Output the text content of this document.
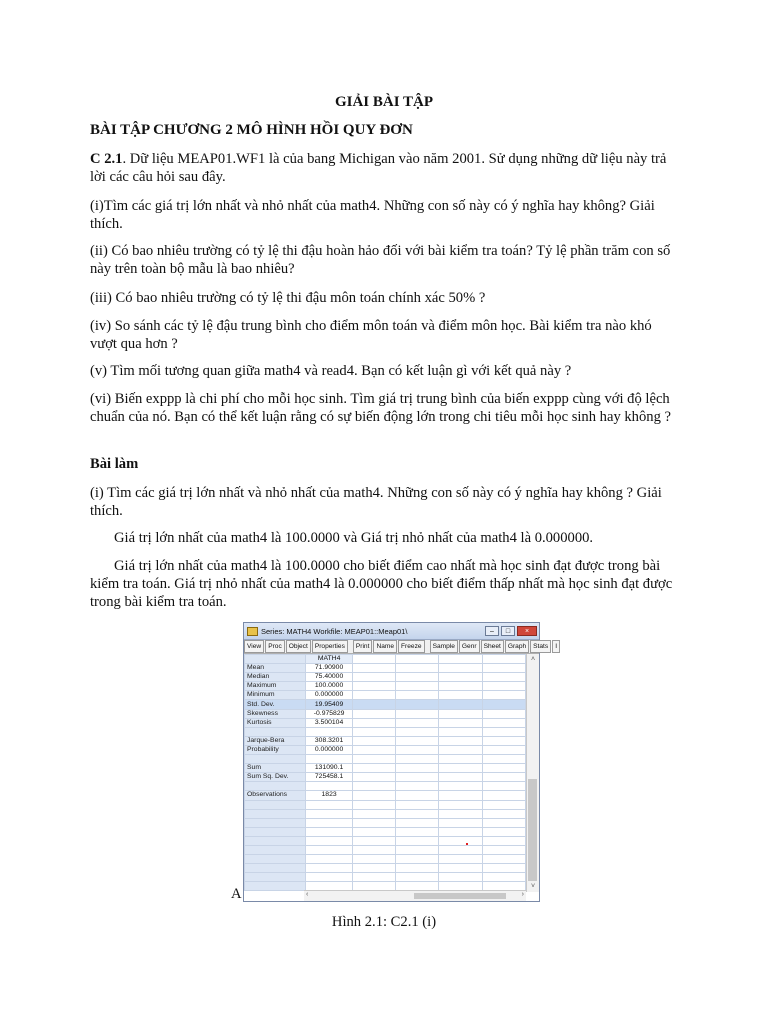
GIẢI BÀI TẬP
BÀI TẬP CHƯƠNG 2 MÔ HÌNH HỒI QUY ĐƠN

C 2.1. Dữ liệu MEAP01.WF1 là của bang Michigan vào năm 2001. Sử dụng những dữ liệu này trả lời các câu hỏi sau đây.

(i)Tìm các giá trị lớn nhất và nhỏ nhất của math4. Những con số này có ý nghĩa hay không? Giải thích.

(ii) Có bao nhiêu trường có tỷ lệ thi đậu hoàn hảo đối với bài kiểm tra toán? Tỷ lệ phần trăm con số này trên toàn bộ mẫu là bao nhiêu?

(iii) Có bao nhiêu trường có tỷ lệ thi đậu môn toán chính xác 50% ?

(iv) So sánh các tỷ lệ đậu trung bình cho điểm môn toán và điểm môn học. Bài kiểm tra nào khó vượt qua hơn ?

(v) Tìm mối tương quan giữa math4 và read4. Bạn có kết luận gì với kết quả này ?

(vi) Biến exppp là chi phí cho mỗi học sinh. Tìm giá trị trung bình của biến exppp cùng với độ lệch chuẩn của nó. Bạn có thể kết luận rằng có sự biến động lớn trong chi tiêu mỗi học sinh hay không ?

Bài làm

(i) Tìm các giá trị lớn nhất và nhỏ nhất của math4. Những con số này có ý nghĩa hay không ? Giải thích.

Giá trị lớn nhất của math4 là 100.0000 và Giá trị nhỏ nhất của math4 là 0.000000.

Giá trị lớn nhất của math4 là 100.0000 cho biết điểm cao nhất mà học sinh đạt được trong bài kiểm tra toán. Giá trị nhỏ nhất của math4 là 0.000000 cho biết điểm thấp nhất mà học sinh đạt được trong bài kiểm tra toán.

Series: MATH4 Workfile: MEAP01::Meap01\	–	□	×
View	Proc	Object	Properties	Print	Name	Freeze	Sample	Genr	Sheet	Graph	Stats	I
	MATH4				
Mean	71.90900				
Median	75.40000				
Maximum	100.0000				
Minimum	0.000000				
Std. Dev.	19.95409				
Skewness	-0.975829				
Kurtosis	3.500104				

Jarque-Bera	308.3201				
Probability	0.000000				

Sum	131090.1				
Sum Sq. Dev.	725458.1				

Observations	1823				

˄
˅
‹	›
A
Hình 2.1: C2.1 (i)
